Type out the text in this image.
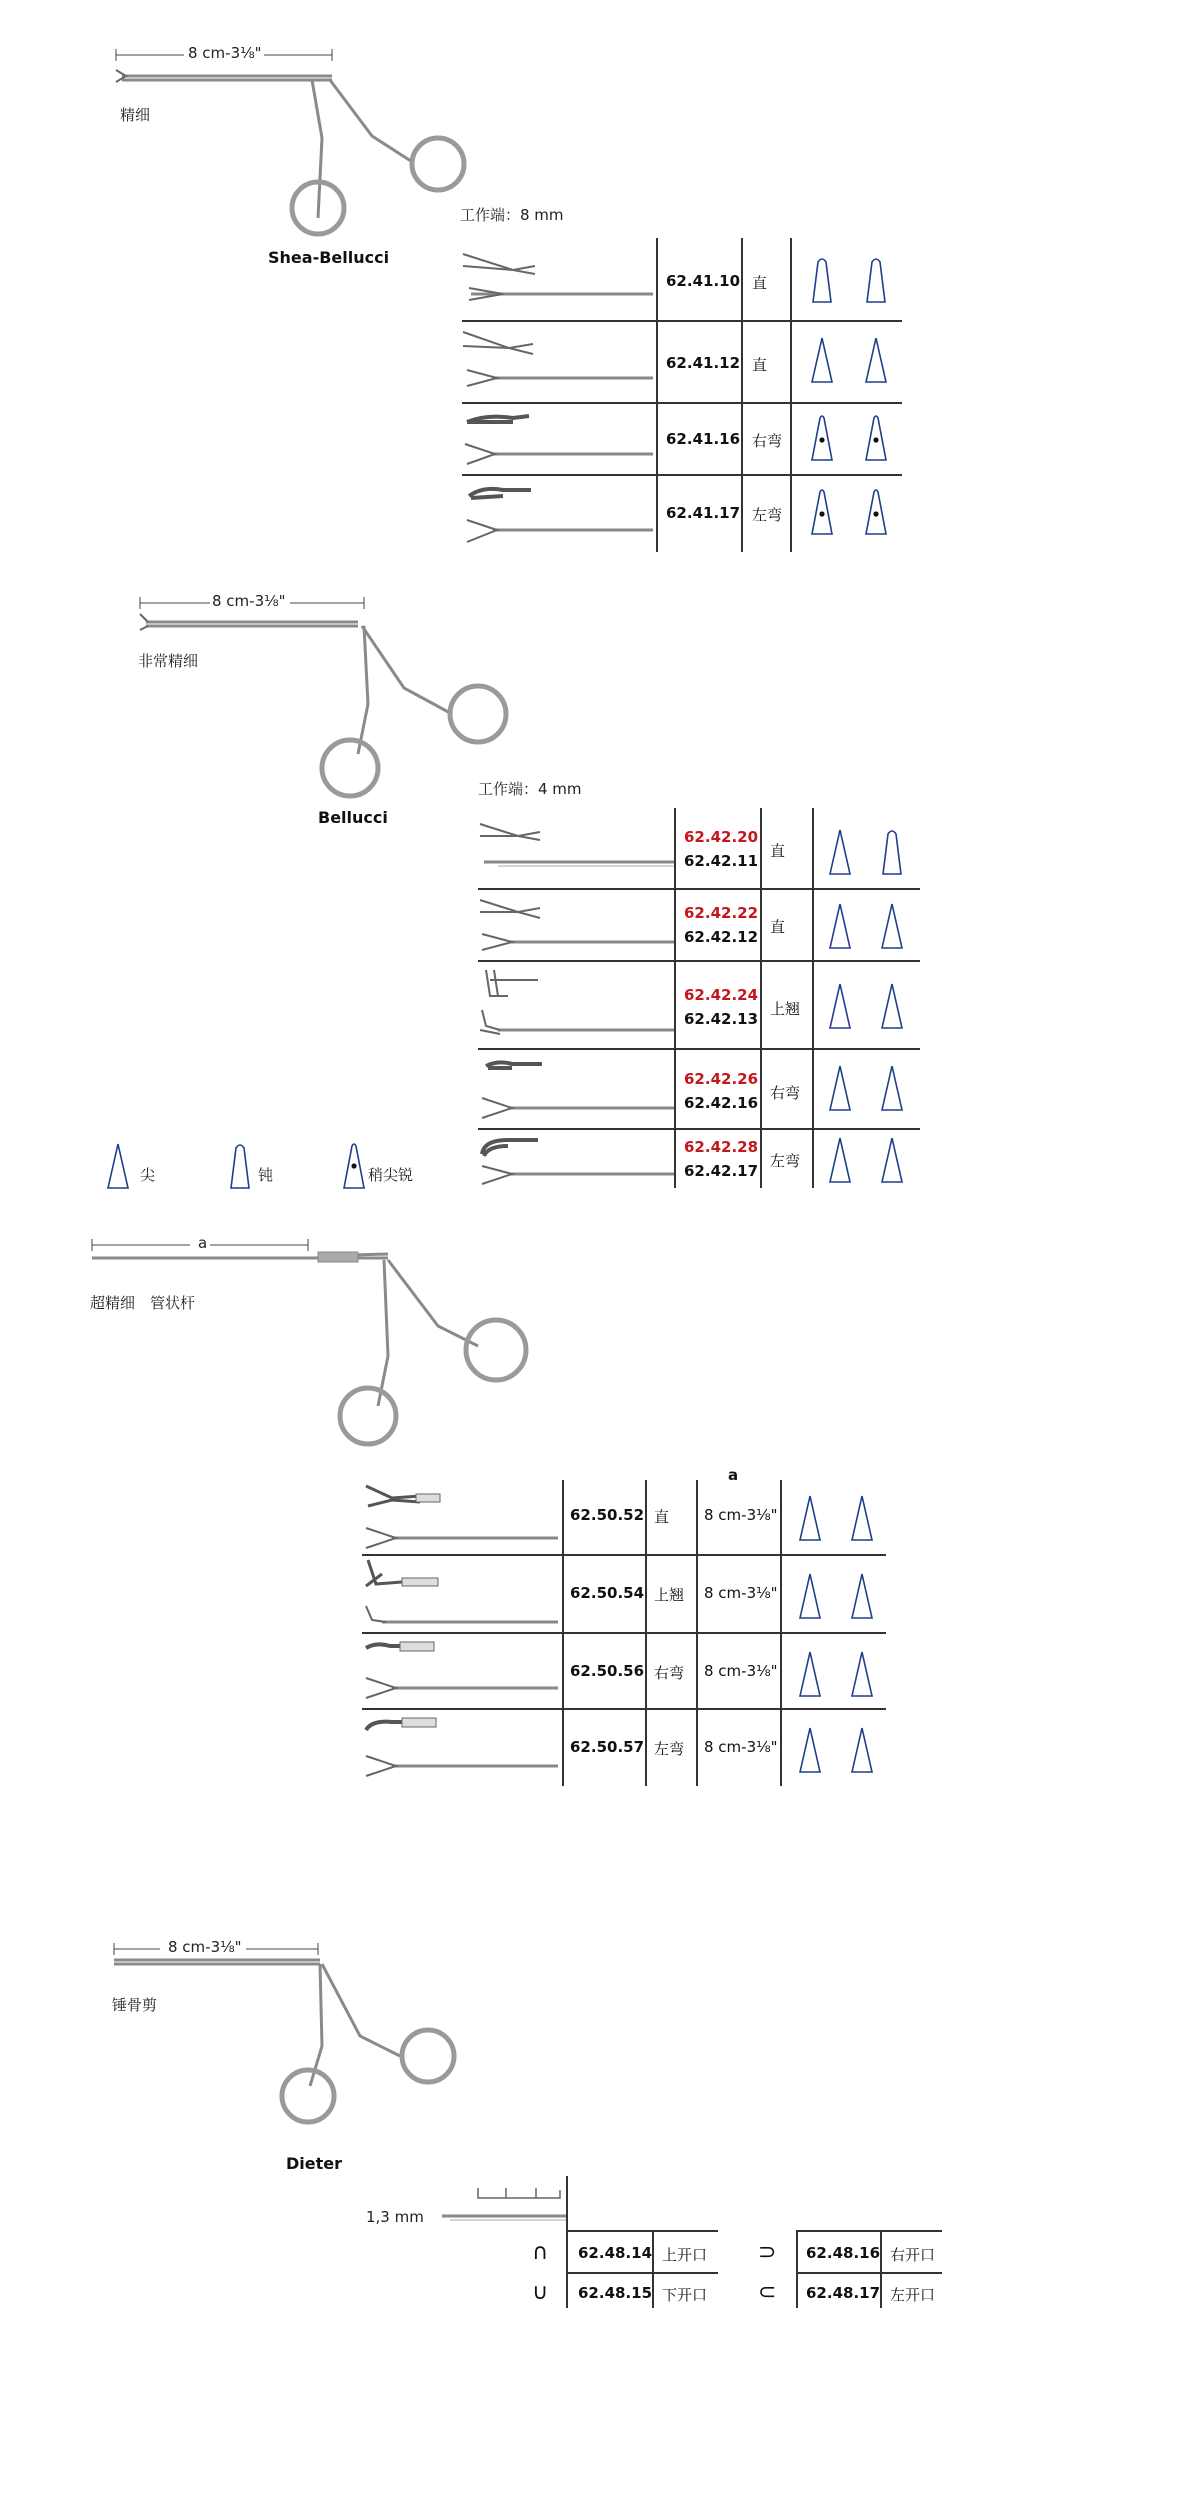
8 cm-3⅛"
精细
Shea-Bellucci
工作端：8 mm
62.41.10 直
62.41.12 直
62.41.16 右弯
62.41.17 左弯
8 cm-3⅛"
非常精细
Bellucci
工作端：4 mm
62.42.20
62.42.11
直
62.42.22
62.42.12
直
62.42.24
62.42.13
上翘
62.42.26
62.42.16
右弯
62.42.28
62.42.17
左弯
尖	钝	稍尖锐
a
超精细　管状杆
a
62.50.52 直 8 cm-3⅛"
62.50.54 上翘 8 cm-3⅛"
62.50.56 右弯 8 cm-3⅛"
62.50.57 左弯 8 cm-3⅛"
8 cm-3⅛"
锤骨剪
Dieter
1,3 mm
∩ 62.48.14 上开口
∪ 62.48.15 下开口
⊃ 62.48.16 右开口
⊂ 62.48.17 左开口
